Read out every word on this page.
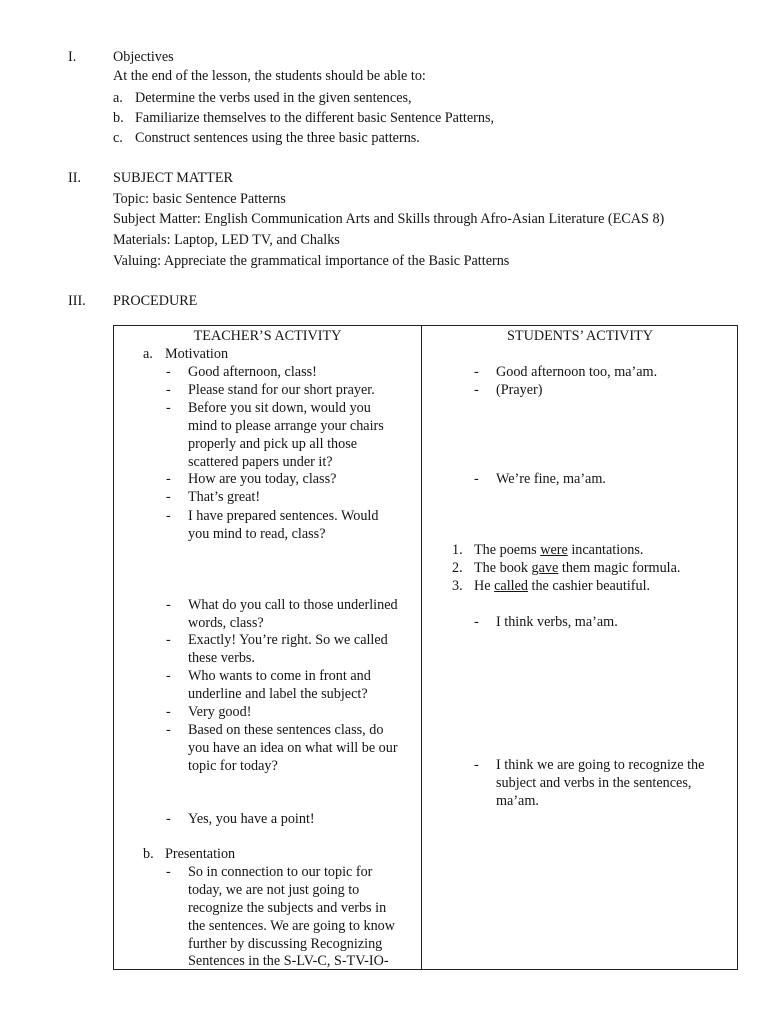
I.	Objectives
At the end of the lesson, the students should be able to:
a. Determine the verbs used in the given sentences,
b. Familiarize themselves to the different basic Sentence Patterns,
c. Construct sentences using the three basic patterns.
II. SUBJECT MATTER
Topic: basic Sentence Patterns
Subject Matter: English Communication Arts and Skills through Afro-Asian Literature (ECAS 8)
Materials: Laptop, LED TV, and Chalks
Valuing: Appreciate the grammatical importance of the Basic Patterns
III. PROCEDURE
TEACHER’S ACTIVITY	STUDENTS’ ACTIVITY
a. Motivation
- Good afternoon, class!
- Please stand for our short prayer.
- Before you sit down, would you
mind to please arrange your chairs
properly and pick up all those
scattered papers under it?
- How are you today, class?
- That’s great!
- I have prepared sentences. Would
you mind to read, class?
- What do you call to those underlined
words, class?
- Exactly! You’re right. So we called
these verbs.
- Who wants to come in front and
underline and label the subject?
- Very good!
- Based on these sentences class, do
you have an idea on what will be our
topic for today?
- Yes, you have a point!
b. Presentation
- So in connection to our topic for
today, we are not just going to
recognize the subjects and verbs in
the sentences. We are going to know
further by discussing Recognizing
Sentences in the S-LV-C, S-TV-IO-
- Good afternoon too, ma’am.
- (Prayer)
- We’re fine, ma’am.
1. The poems were incantations.
2. The book gave them magic formula.
3. He called the cashier beautiful.
- I think verbs, ma’am.
- I think we are going to recognize the
subject and verbs in the sentences,
ma’am.
